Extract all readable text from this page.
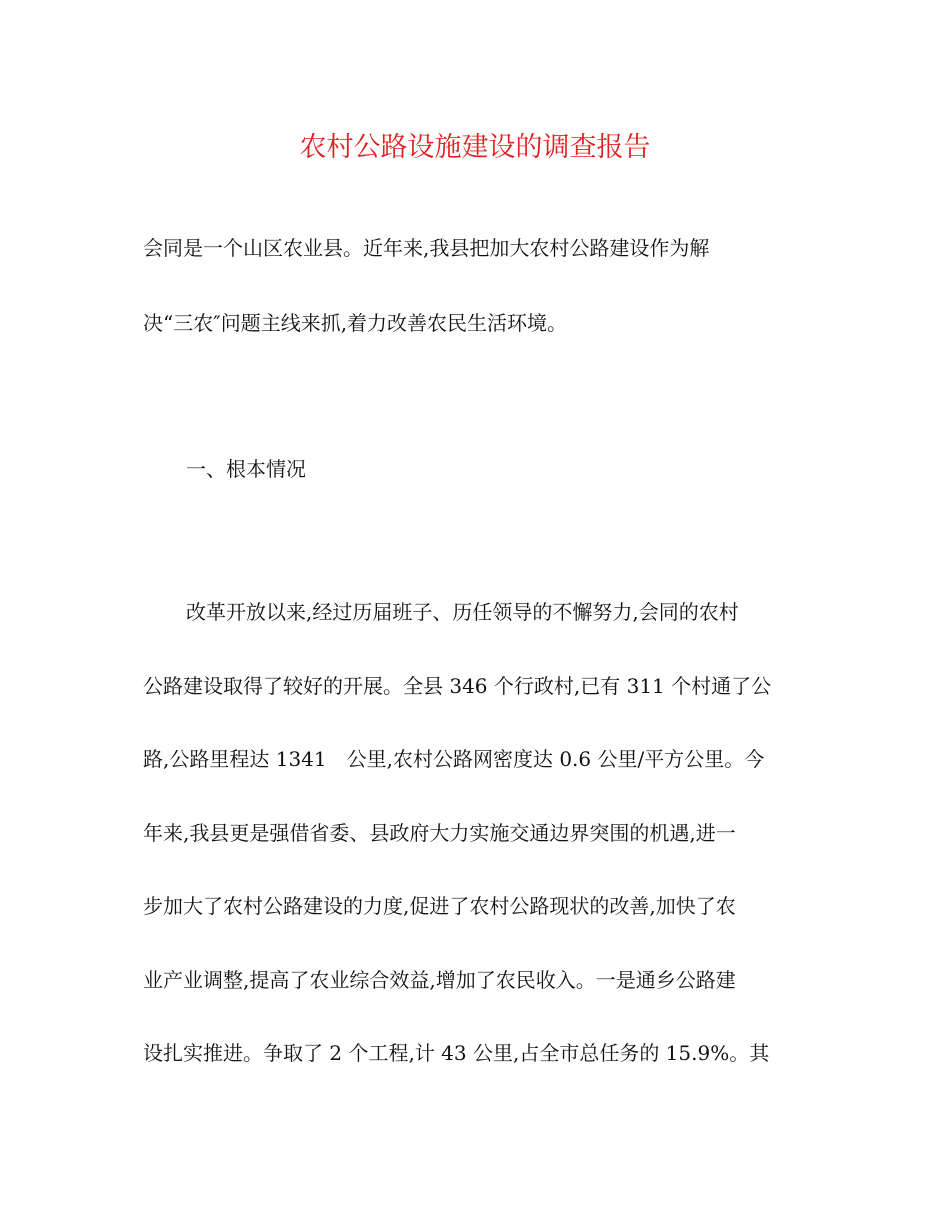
农村公路设施建设的调查报告
会同是一个山区农业县。近年来,我县把加大农村公路建设作为解
决“三农″问题主线来抓,着力改善农民生活环境。
一、根本情况
改革开放以来,经过历届班子、历任领导的不懈努力,会同的农村
公路建设取得了较好的开展。全县 346 个行政村,已有 311 个村通了公
路,公路里程达 1341　公里,农村公路网密度达 0.6 公里/平方公里。今
年来,我县更是强借省委、县政府大力实施交通边界突围的机遇,进一
步加大了农村公路建设的力度,促进了农村公路现状的改善,加快了农
业产业调整,提高了农业综合效益,增加了农民收入。一是通乡公路建
设扎实推进。争取了 2 个工程,计 43 公里,占全市总任务的 15.9%。其
